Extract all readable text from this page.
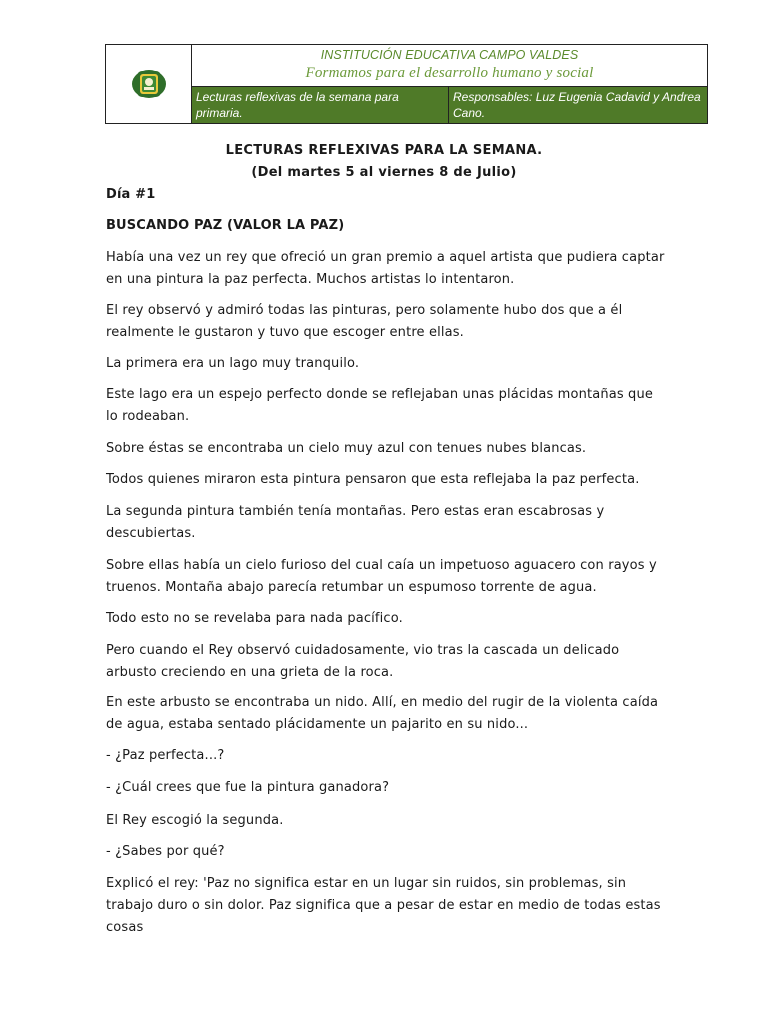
INSTITUCIÓN EDUCATIVA CAMPO VALDES
Formamos para el desarrollo humano y social
Lecturas reflexivas de la semana para primaria.
Responsables: Luz Eugenia Cadavid y Andrea Cano.
LECTURAS REFLEXIVAS PARA LA SEMANA.
(Del martes 5 al viernes 8 de Julio)
Día #1
BUSCANDO PAZ (VALOR LA PAZ)
Había una vez un rey que ofreció un gran premio a aquel artista que pudiera captar en una pintura la paz perfecta. Muchos artistas lo intentaron.
El rey observó y admiró todas las pinturas, pero solamente hubo dos que a él realmente le gustaron y tuvo que escoger entre ellas.
La primera era un lago muy tranquilo.
Este lago era un espejo perfecto donde se reflejaban unas plácidas montañas que lo rodeaban.
Sobre éstas se encontraba un cielo muy azul con tenues nubes blancas.
Todos quienes miraron esta pintura pensaron que esta reflejaba la paz perfecta.
La segunda pintura también tenía montañas. Pero estas eran escabrosas y descubiertas.
Sobre ellas había un cielo furioso del cual caía un impetuoso aguacero con rayos y truenos. Montaña abajo parecía retumbar un espumoso torrente de agua.
Todo esto no se revelaba para nada pacífico.
Pero cuando el Rey observó cuidadosamente, vio tras la cascada un delicado arbusto creciendo en una grieta de la roca.
En este arbusto se encontraba un nido. Allí, en medio del rugir de la violenta caída de agua, estaba sentado plácidamente un pajarito en su nido...
- ¿Paz perfecta...?
- ¿Cuál crees que fue la pintura ganadora?
El Rey escogió la segunda.
- ¿Sabes por qué?
Explicó el rey: 'Paz no significa estar en un lugar sin ruidos, sin problemas, sin trabajo duro o sin dolor. Paz significa que a pesar de estar en medio de todas estas cosas
